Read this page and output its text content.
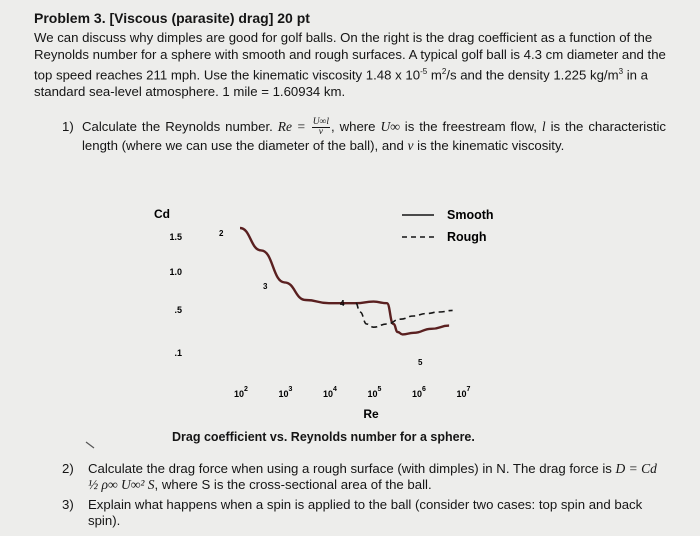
Problem 3. [Viscous (parasite) drag] 20 pt
We can discuss why dimples are good for golf balls. On the right is the drag coefficient as a function of the Reynolds number for a sphere with smooth and rough surfaces. A typical golf ball is 4.3 cm diameter and the top speed reaches 211 mph. Use the kinematic viscosity 1.48 x $10^{-5}$ $m^2/s$ and the density 1.225 $kg/m^3$ in a standard sea-level atmosphere. 1 mile = 1.60934 km.
1) Calculate the Reynolds number. $Re = \frac{U\infty l}{\nu}$ , where U∞ is the freestream flow, l is the characteristic length (where we can use the diameter of the ball), and ν is the kinematic viscosity.
Cd
1.5
1.0
.5
.1
$10^2$	$10^3$	$10^4$	$10^5$	$10^6$	$10^7$
2
3
4
5
Smooth
Rough
Re
Drag coefficient vs. Reynolds number for a sphere.
2) Calculate the drag force when using a rough surface (with dimples) in N. The drag force is D = Cd ½ ρ∞ U∞² S, where S is the cross-sectional area of the ball.
3) Explain what happens when a spin is applied to the ball (consider two cases: top spin and back spin).
